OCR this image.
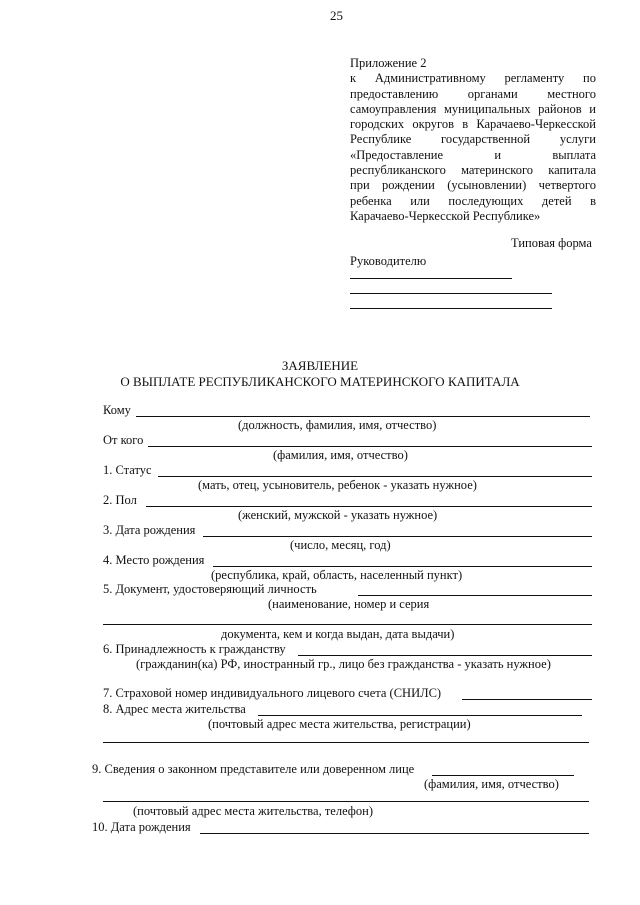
25
Приложение 2
к Административному регламенту по
предоставлению органами местного
самоуправления муниципальных районов и
городских округов в Карачаево-Черкесской
Республике государственной услуги
«Предоставление и выплата
республиканского материнского капитала
при рождении (усыновлении) четвертого
ребенка или последующих детей в
Карачаево-Черкесской Республике»
Типовая форма
Руководителю
ЗАЯВЛЕНИЕ
О ВЫПЛАТЕ РЕСПУБЛИКАНСКОГО МАТЕРИНСКОГО КАПИТАЛА
Кому
(должность, фамилия, имя, отчество)
От кого
(фамилия, имя, отчество)
1. Статус
(мать, отец, усыновитель, ребенок - указать нужное)
2. Пол
(женский, мужской - указать нужное)
3. Дата рождения
(число, месяц, год)
4. Место рождения
(республика, край, область, населенный пункт)
5. Документ, удостоверяющий личность
(наименование, номер и серия
документа, кем и когда выдан, дата выдачи)
6. Принадлежность к гражданству
(гражданин(ка) РФ, иностранный гр., лицо без гражданства - указать нужное)
7. Страховой номер индивидуального лицевого счета (СНИЛС)
8. Адрес места жительства
(почтовый адрес места жительства, регистрации)
9. Сведения о законном представителе или доверенном лице
(фамилия, имя, отчество)
(почтовый адрес места жительства, телефон)
10. Дата рождения
